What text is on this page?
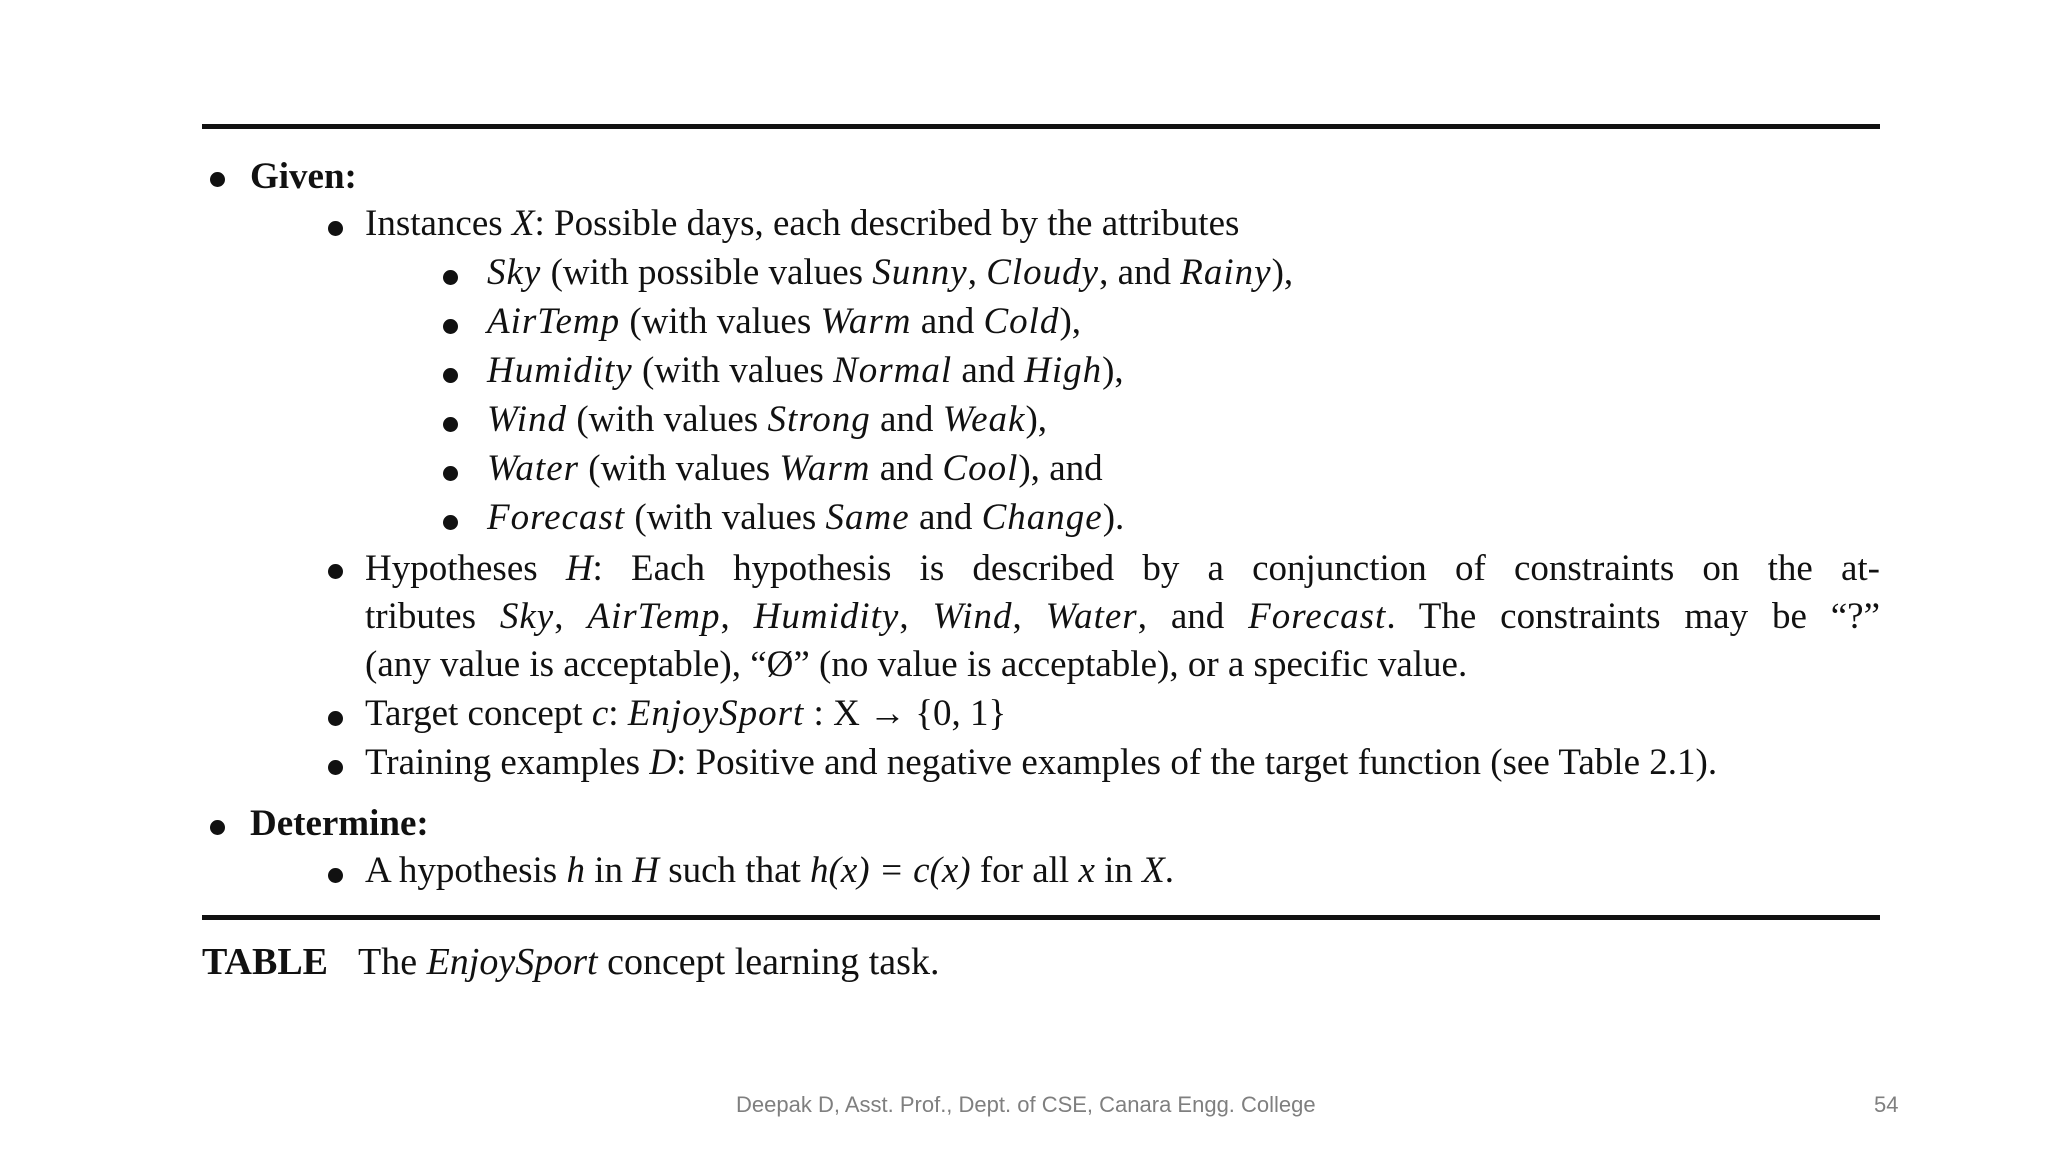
Given:
Instances X: Possible days, each described by the attributes
Sky (with possible values Sunny, Cloudy, and Rainy),
AirTemp (with values Warm and Cold),
Humidity (with values Normal and High),
Wind (with values Strong and Weak),
Water (with values Warm and Cool), and
Forecast (with values Same and Change).
Hypotheses H: Each hypothesis is described by a conjunction of constraints on the at-
tributes Sky, AirTemp, Humidity, Wind, Water, and Forecast. The constraints may be “?”
(any value is acceptable), “Ø” (no value is acceptable), or a specific value.
Target concept c: EnjoySport : X → {0, 1}
Training examples D: Positive and negative examples of the target function (see Table 2.1).
Determine:
A hypothesis h in H such that h(x) = c(x) for all x in X.
TABLE The EnjoySport concept learning task.
Deepak D, Asst. Prof., Dept. of CSE, Canara Engg. College	54
